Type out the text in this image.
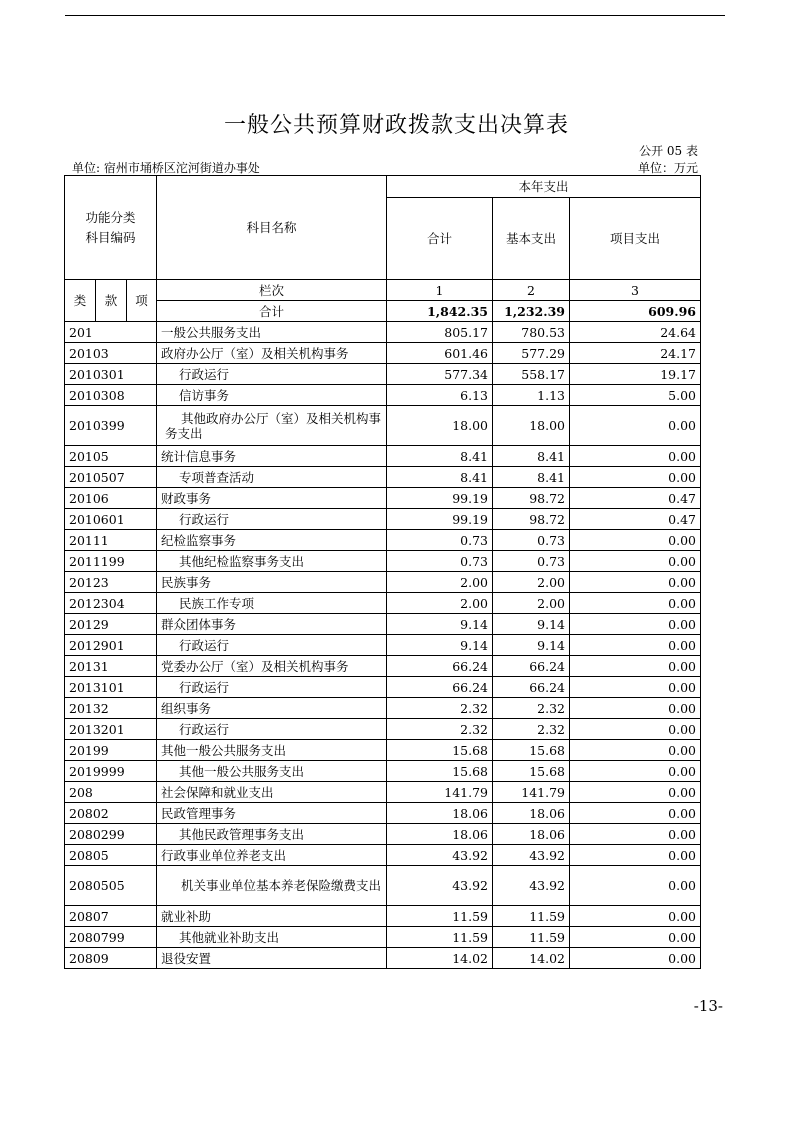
一般公共预算财政拨款支出决算表
公开 05 表
单位: 宿州市埇桥区沱河街道办事处	单位：万元
功能分类
科目编码			科目名称	本年支出		
				合计	基本支出	项目支出

类	款	项	栏次	1	2	3
			合计	1,842.35	1,232.39	609.96
201			一般公共服务支出	805.17	780.53	24.64
20103			政府办公厅（室）及相关机构事务	601.46	577.29	24.17
2010301			行政运行	577.34	558.17	19.17
2010308			信访事务	6.13	1.13	5.00
2010399			其他政府办公厅（室）及相关机构事务支出	18.00	18.00	0.00
20105			统计信息事务	8.41	8.41	0.00
2010507			专项普查活动	8.41	8.41	0.00
20106			财政事务	99.19	98.72	0.47
2010601			行政运行	99.19	98.72	0.47
20111			纪检监察事务	0.73	0.73	0.00
2011199			其他纪检监察事务支出	0.73	0.73	0.00
20123			民族事务	2.00	2.00	0.00
2012304			民族工作专项	2.00	2.00	0.00
20129			群众团体事务	9.14	9.14	0.00
2012901			行政运行	9.14	9.14	0.00
20131			党委办公厅（室）及相关机构事务	66.24	66.24	0.00
2013101			行政运行	66.24	66.24	0.00
20132			组织事务	2.32	2.32	0.00
2013201			行政运行	2.32	2.32	0.00
20199			其他一般公共服务支出	15.68	15.68	0.00
2019999			其他一般公共服务支出	15.68	15.68	0.00
208			社会保障和就业支出	141.79	141.79	0.00
20802			民政管理事务	18.06	18.06	0.00
2080299			其他民政管理事务支出	18.06	18.06	0.00
20805			行政事业单位养老支出	43.92	43.92	0.00
2080505			机关事业单位基本养老保险缴费支出	43.92	43.92	0.00
20807			就业补助	11.59	11.59	0.00
2080799			其他就业补助支出	11.59	11.59	0.00
20809			退役安置	14.02	14.02	0.00
-13-
